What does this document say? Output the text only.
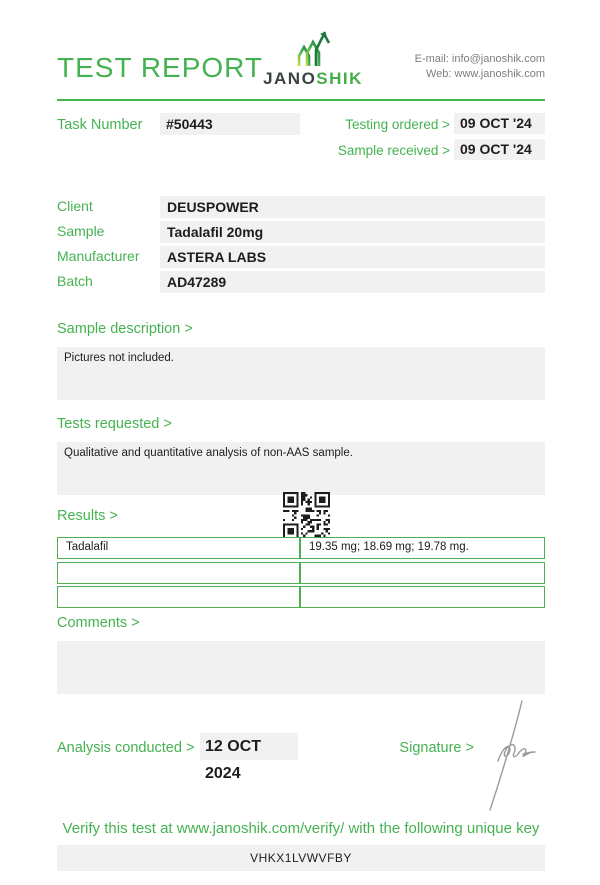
TEST REPORT JANOSHIK
E-mail: info@janoshik.com
Web: www.janoshik.com
Task Number	#50443	Testing ordered > 09 OCT '24
Sample received > 09 OCT '24
Client	DEUSPOWER
Sample	Tadalafil 20mg
Manufacturer	ASTERA LABS
Batch	AD47289
Sample description >
Pictures not included.
Tests requested >
Qualitative and quantitative analysis of non-AAS sample.
Results >
Tadalafil	19.35 mg; 18.69 mg; 19.78 mg.
Comments >
Analysis conducted > 12 OCT 2024
Signature >
Verify this test at www.janoshik.com/verify/ with the following unique key
VHKX1LVWVFBY
